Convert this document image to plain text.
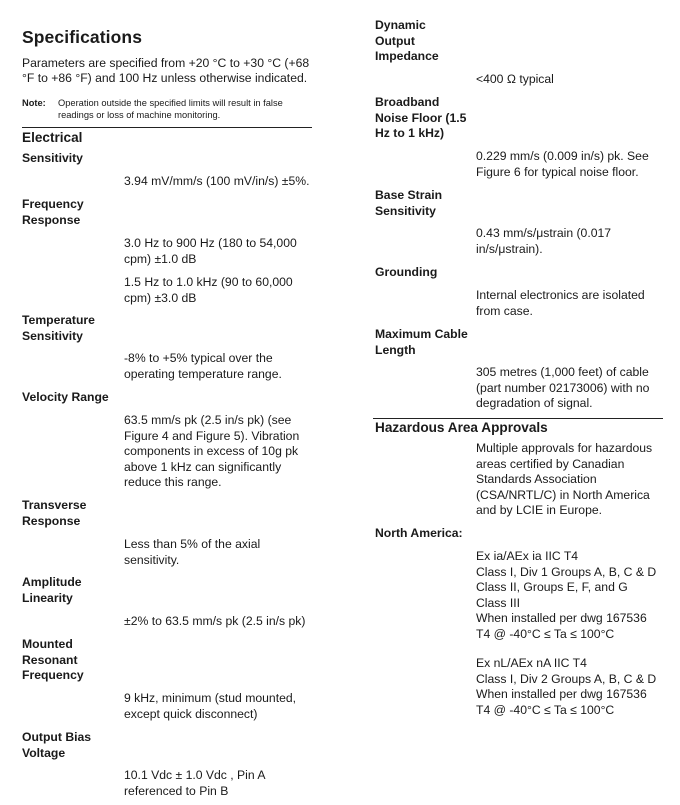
Specifications
Parameters are specified from +20 °C to +30 °C (+68
°F to +86 °F) and 100 Hz unless otherwise indicated.
Note: Operation outside the specified limits will result in false
readings or loss of machine monitoring.
Electrical
Sensitivity
3.94 mV/mm/s (100 mV/in/s) ±5%.
Frequency
Response
3.0 Hz to 900 Hz (180 to 54,000
cpm) ±1.0 dB
1.5 Hz to 1.0 kHz (90 to 60,000
cpm) ±3.0 dB
Temperature
Sensitivity
-8% to +5% typical over the
operating temperature range.
Velocity Range
63.5 mm/s pk (2.5 in/s pk) (see
Figure 4 and Figure 5). Vibration
components in excess of 10g pk
above 1 kHz can significantly
reduce this range.
Transverse
Response
Less than 5% of the axial
sensitivity.
Amplitude
Linearity
±2% to 63.5 mm/s pk (2.5 in/s pk)
Mounted
Resonant
Frequency
9 kHz, minimum (stud mounted,
except quick disconnect)
Output Bias
Voltage
10.1 Vdc ± 1.0 Vdc , Pin A
referenced to Pin B
Dynamic
Output
Impedance
<400 Ω typical
Broadband
Noise Floor (1.5
Hz to 1 kHz)
0.229 mm/s (0.009 in/s) pk. See
Figure 6 for typical noise floor.
Base Strain
Sensitivity
0.43 mm/s/μstrain (0.017
in/s/μstrain).
Grounding
Internal electronics are isolated
from case.
Maximum Cable
Length
305 metres (1,000 feet) of cable
(part number 02173006) with no
degradation of signal.
Hazardous Area Approvals
Multiple approvals for hazardous
areas certified by Canadian
Standards Association
(CSA/NRTL/C) in North America
and by LCIE in Europe.
North America:
Ex ia/AEx ia IIC T4
Class I, Div 1 Groups A, B, C & D
Class II, Groups E, F, and G
Class III
When installed per dwg 167536
T4 @ -40°C ≤ Ta ≤ 100°C
Ex nL/AEx nA IIC T4
Class I, Div 2 Groups A, B, C & D
When installed per dwg 167536
T4 @ -40°C ≤ Ta ≤ 100°C
